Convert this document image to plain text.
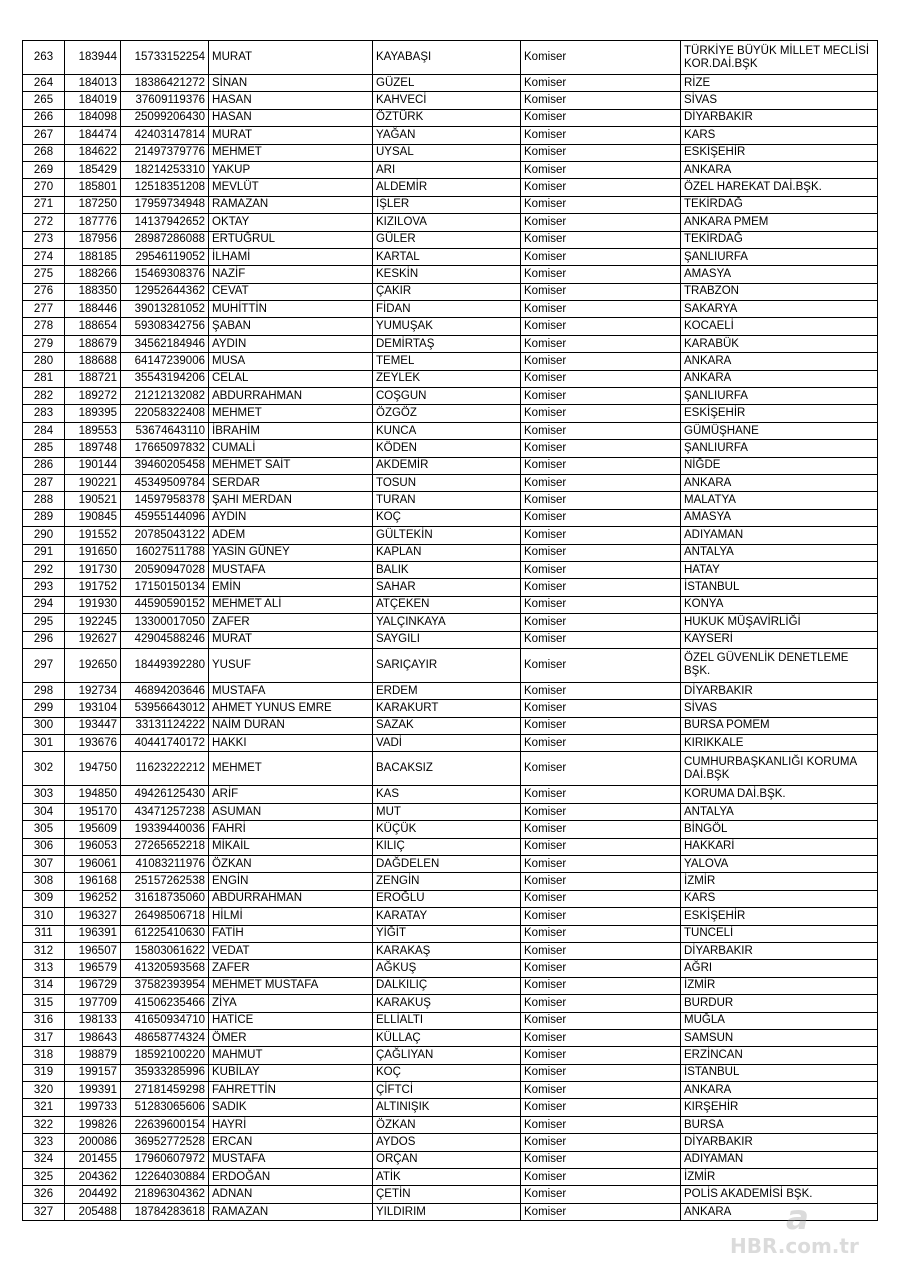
263	183944	15733152254	MURAT	KAYABAŞI	Komiser	TÜRKİYE BÜYÜK MİLLET MECLİSİ KOR.DAİ.BŞK
264	184013	18386421272	SİNAN	GÜZEL	Komiser	RİZE
265	184019	37609119376	HASAN	KAHVECİ	Komiser	SİVAS
266	184098	25099206430	HASAN	ÖZTÜRK	Komiser	DİYARBAKIR
267	184474	42403147814	MURAT	YAĞAN	Komiser	KARS
268	184622	21497379776	MEHMET	UYSAL	Komiser	ESKİŞEHİR
269	185429	18214253310	YAKUP	ARI	Komiser	ANKARA
270	185801	12518351208	MEVLÜT	ALDEMİR	Komiser	ÖZEL HAREKAT DAİ.BŞK.
271	187250	17959734948	RAMAZAN	İŞLER	Komiser	TEKİRDAĞ
272	187776	14137942652	OKTAY	KIZILOVA	Komiser	ANKARA PMEM
273	187956	28987286088	ERTUĞRUL	GÜLER	Komiser	TEKİRDAĞ
274	188185	29546119052	İLHAMİ	KARTAL	Komiser	ŞANLIURFA
275	188266	15469308376	NAZİF	KESKİN	Komiser	AMASYA
276	188350	12952644362	CEVAT	ÇAKIR	Komiser	TRABZON
277	188446	39013281052	MUHİTTİN	FİDAN	Komiser	SAKARYA
278	188654	59308342756	ŞABAN	YUMUŞAK	Komiser	KOCAELİ
279	188679	34562184946	AYDIN	DEMİRTAŞ	Komiser	KARABÜK
280	188688	64147239006	MUSA	TEMEL	Komiser	ANKARA
281	188721	35543194206	CELAL	ZEYLEK	Komiser	ANKARA
282	189272	21212132082	ABDURRAHMAN	COŞGUN	Komiser	ŞANLIURFA
283	189395	22058322408	MEHMET	ÖZGÖZ	Komiser	ESKİŞEHİR
284	189553	53674643110	İBRAHİM	KUNCA	Komiser	GÜMÜŞHANE
285	189748	17665097832	CUMALİ	KÖDEN	Komiser	ŞANLIURFA
286	190144	39460205458	MEHMET SAİT	AKDEMİR	Komiser	NİĞDE
287	190221	45349509784	SERDAR	TOSUN	Komiser	ANKARA
288	190521	14597958378	ŞAHI MERDAN	TURAN	Komiser	MALATYA
289	190845	45955144096	AYDIN	KOÇ	Komiser	AMASYA
290	191552	20785043122	ADEM	GÜLTEKİN	Komiser	ADIYAMAN
291	191650	16027511788	YASİN GÜNEY	KAPLAN	Komiser	ANTALYA
292	191730	20590947028	MUSTAFA	BALIK	Komiser	HATAY
293	191752	17150150134	EMİN	SAHAR	Komiser	İSTANBUL
294	191930	44590590152	MEHMET ALİ	ATÇEKEN	Komiser	KONYA
295	192245	13300017050	ZAFER	YALÇINKAYA	Komiser	HUKUK MÜŞAVİRLİĞİ
296	192627	42904588246	MURAT	SAYGILI	Komiser	KAYSERİ
297	192650	18449392280	YUSUF	SARIÇAYIR	Komiser	ÖZEL GÜVENLİK DENETLEME BŞK.
298	192734	46894203646	MUSTAFA	ERDEM	Komiser	DİYARBAKIR
299	193104	53956643012	AHMET YUNUS EMRE	KARAKURT	Komiser	SİVAS
300	193447	33131124222	NAİM DURAN	SAZAK	Komiser	BURSA POMEM
301	193676	40441740172	HAKKI	VADİ	Komiser	KIRIKKALE
302	194750	11623222212	MEHMET	BACAKSIZ	Komiser	CUMHURBAŞKANLIĞI KORUMA DAİ.BŞK
303	194850	49426125430	ARİF	KAS	Komiser	KORUMA DAİ.BŞK.
304	195170	43471257238	ASUMAN	MUT	Komiser	ANTALYA
305	195609	19339440036	FAHRİ	KÜÇÜK	Komiser	BİNGÖL
306	196053	27265652218	MİKAİL	KILIÇ	Komiser	HAKKARİ
307	196061	41083211976	ÖZKAN	DAĞDELEN	Komiser	YALOVA
308	196168	25157262538	ENGİN	ZENGİN	Komiser	İZMİR
309	196252	31618735060	ABDURRAHMAN	EROĞLU	Komiser	KARS
310	196327	26498506718	HİLMİ	KARATAY	Komiser	ESKİŞEHİR
311	196391	61225410630	FATİH	YİĞİT	Komiser	TUNCELİ
312	196507	15803061622	VEDAT	KARAKAŞ	Komiser	DİYARBAKIR
313	196579	41320593568	ZAFER	AĞKUŞ	Komiser	AĞRI
314	196729	37582393954	MEHMET MUSTAFA	DALKILIÇ	Komiser	İZMİR
315	197709	41506235466	ZİYA	KARAKUŞ	Komiser	BURDUR
316	198133	41650934710	HATİCE	ELLİALTI	Komiser	MUĞLA
317	198643	48658774324	ÖMER	KÜLLAÇ	Komiser	SAMSUN
318	198879	18592100220	MAHMUT	ÇAĞLIYAN	Komiser	ERZİNCAN
319	199157	35933285996	KUBİLAY	KOÇ	Komiser	İSTANBUL
320	199391	27181459298	FAHRETTİN	ÇİFTCİ	Komiser	ANKARA
321	199733	51283065606	SADIK	ALTINIŞIK	Komiser	KIRŞEHİR
322	199826	22639600154	HAYRİ	ÖZKAN	Komiser	BURSA
323	200086	36952772528	ERCAN	AYDOS	Komiser	DİYARBAKIR
324	201455	17960607972	MUSTAFA	ORÇAN	Komiser	ADIYAMAN
325	204362	12264030884	ERDOĞAN	ATİK	Komiser	İZMİR
326	204492	21896304362	ADNAN	ÇETİN	Komiser	POLİS AKADEMİSİ BŞK.
327	205488	18784283618	RAMAZAN	YILDIRIM	Komiser	ANKARA a
HBR.com.tr
